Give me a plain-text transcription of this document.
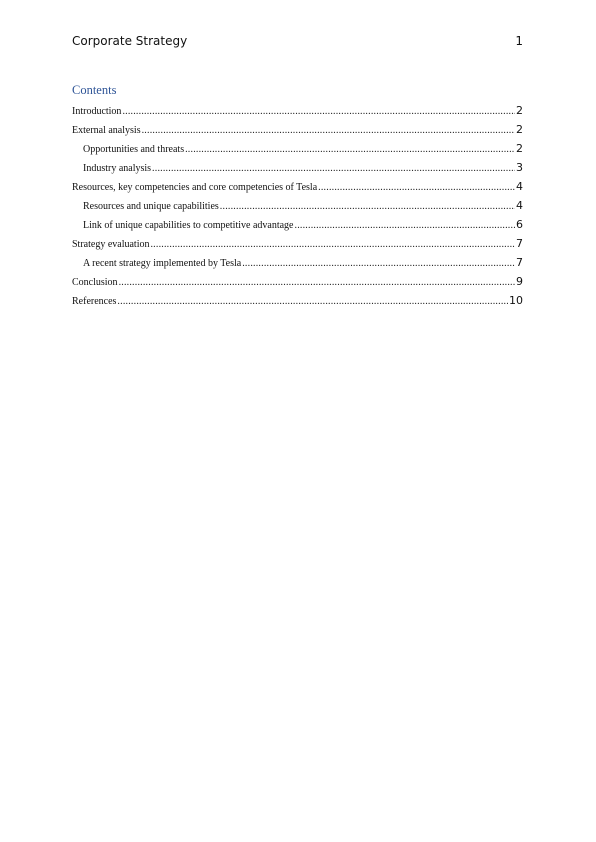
Corporate Strategy	1
Contents
Introduction .....	2
External analysis .....	2
Opportunities and threats .....	2
Industry analysis .....	3
Resources, key competencies and core competencies of Tesla .....	4
Resources and unique capabilities .....	4
Link of unique capabilities to competitive advantage .....	6
Strategy evaluation .....	7
A recent strategy implemented by Tesla .....	7
Conclusion .....	9
References .....	10
